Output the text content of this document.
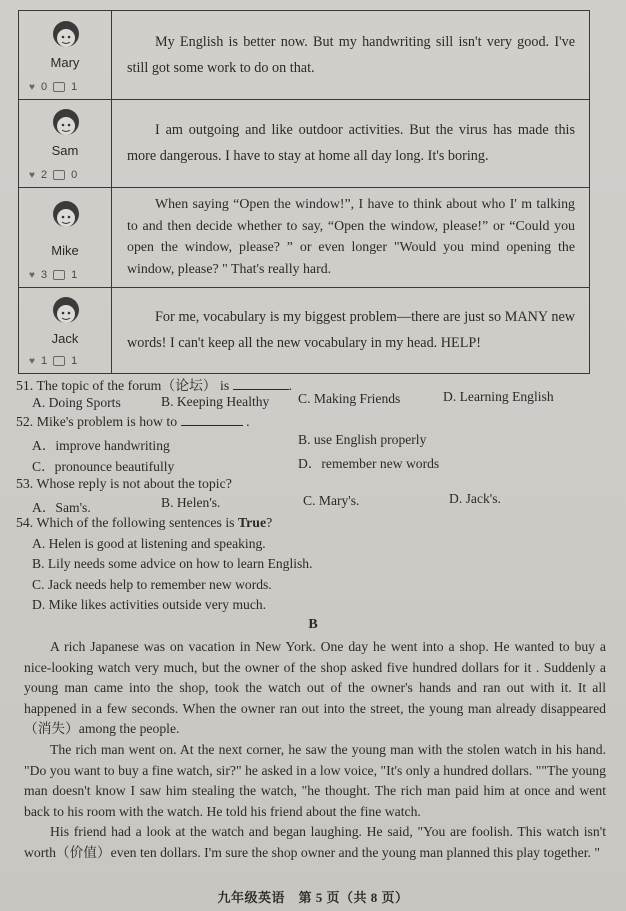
Mary
♥ 0 1
My English is better now. But my handwriting sill isn't very good. I've still got some work to do on that.
Sam
♥ 2 0
I am outgoing and like outdoor activities. But the virus has made this more dangerous. I have to stay at home all day long. It's boring.
Mike
♥ 3 1
When saying “Open the window!”, I have to think about who I' m talking to and then decide whether to say, “Open the window, please!” or “Could you open the window, please? ” or even longer "Would you mind opening the window, please? " That's really hard.
Jack
♥ 1 1
For me, vocabulary is my biggest problem—there are just so MANY new words! I can't keep all the new vocabulary in my head. HELP!
51. The topic of the forum（论坛） is	.
A. Doing Sports	B. Keeping Healthy C. Making Friends	D. Learning English
52. Mike's problem is how to	.
A．improve handwriting	B. use English properly
C．pronounce beautifully	D．remember new words
53. Whose reply is not about the topic?
A．Sam's.	B. Helen's.	C. Mary's.	D. Jack's.
54. Which of the following sentences is True?
A. Helen is good at listening and speaking.
B. Lily needs some advice on how to learn English.
C. Jack needs help to remember new words.
D. Mike likes activities outside very much.
B

A rich Japanese was on vacation in New York. One day he went into a shop. He wanted to buy a nice-looking watch very much, but the owner of the shop asked five hundred dollars for it . Suddenly a young man came into the shop, took the watch out of the owner's hands and ran out with it. It all happened in a few seconds. When the owner ran out into the street, the young man already disappeared（消失）among the people.

The rich man went on. At the next corner, he saw the young man with the stolen watch in his hand. "Do you want to buy a fine watch, sir?" he asked in a low voice, "It's only a hundred dollars. ""The young man doesn't know I saw him stealing the watch, "he thought. The rich man paid him at once and went back to his room with the watch. He told his friend about the fine watch.

His friend had a look at the watch and began laughing. He said, "You are foolish. This watch isn't worth（价值）even ten dollars. I'm sure the shop owner and the young man planned this play together. "

九年级英语　第 5 页（共 8 页）
